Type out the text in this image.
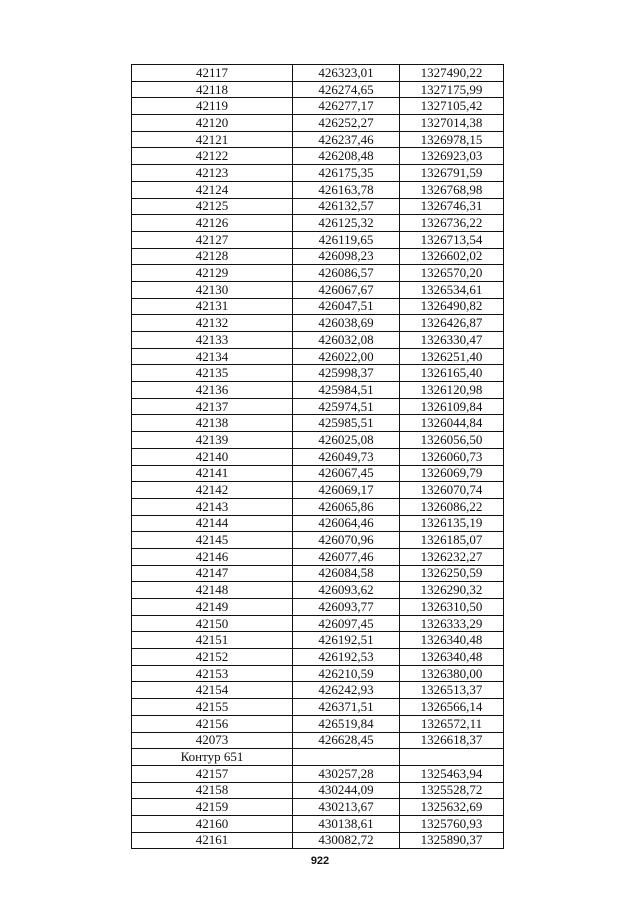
42117	426323,01	1327490,22
42118	426274,65	1327175,99
42119	426277,17	1327105,42
42120	426252,27	1327014,38
42121	426237,46	1326978,15
42122	426208,48	1326923,03
42123	426175,35	1326791,59
42124	426163,78	1326768,98
42125	426132,57	1326746,31
42126	426125,32	1326736,22
42127	426119,65	1326713,54
42128	426098,23	1326602,02
42129	426086,57	1326570,20
42130	426067,67	1326534,61
42131	426047,51	1326490,82
42132	426038,69	1326426,87
42133	426032,08	1326330,47
42134	426022,00	1326251,40
42135	425998,37	1326165,40
42136	425984,51	1326120,98
42137	425974,51	1326109,84
42138	425985,51	1326044,84
42139	426025,08	1326056,50
42140	426049,73	1326060,73
42141	426067,45	1326069,79
42142	426069,17	1326070,74
42143	426065,86	1326086,22
42144	426064,46	1326135,19
42145	426070,96	1326185,07
42146	426077,46	1326232,27
42147	426084,58	1326250,59
42148	426093,62	1326290,32
42149	426093,77	1326310,50
42150	426097,45	1326333,29
42151	426192,51	1326340,48
42152	426192,53	1326340,48
42153	426210,59	1326380,00
42154	426242,93	1326513,37
42155	426371,51	1326566,14
42156	426519,84	1326572,11
42073	426628,45	1326618,37
Контур 651		
42157	430257,28	1325463,94
42158	430244,09	1325528,72
42159	430213,67	1325632,69
42160	430138,61	1325760,93
42161	430082,72	1325890,37
922
